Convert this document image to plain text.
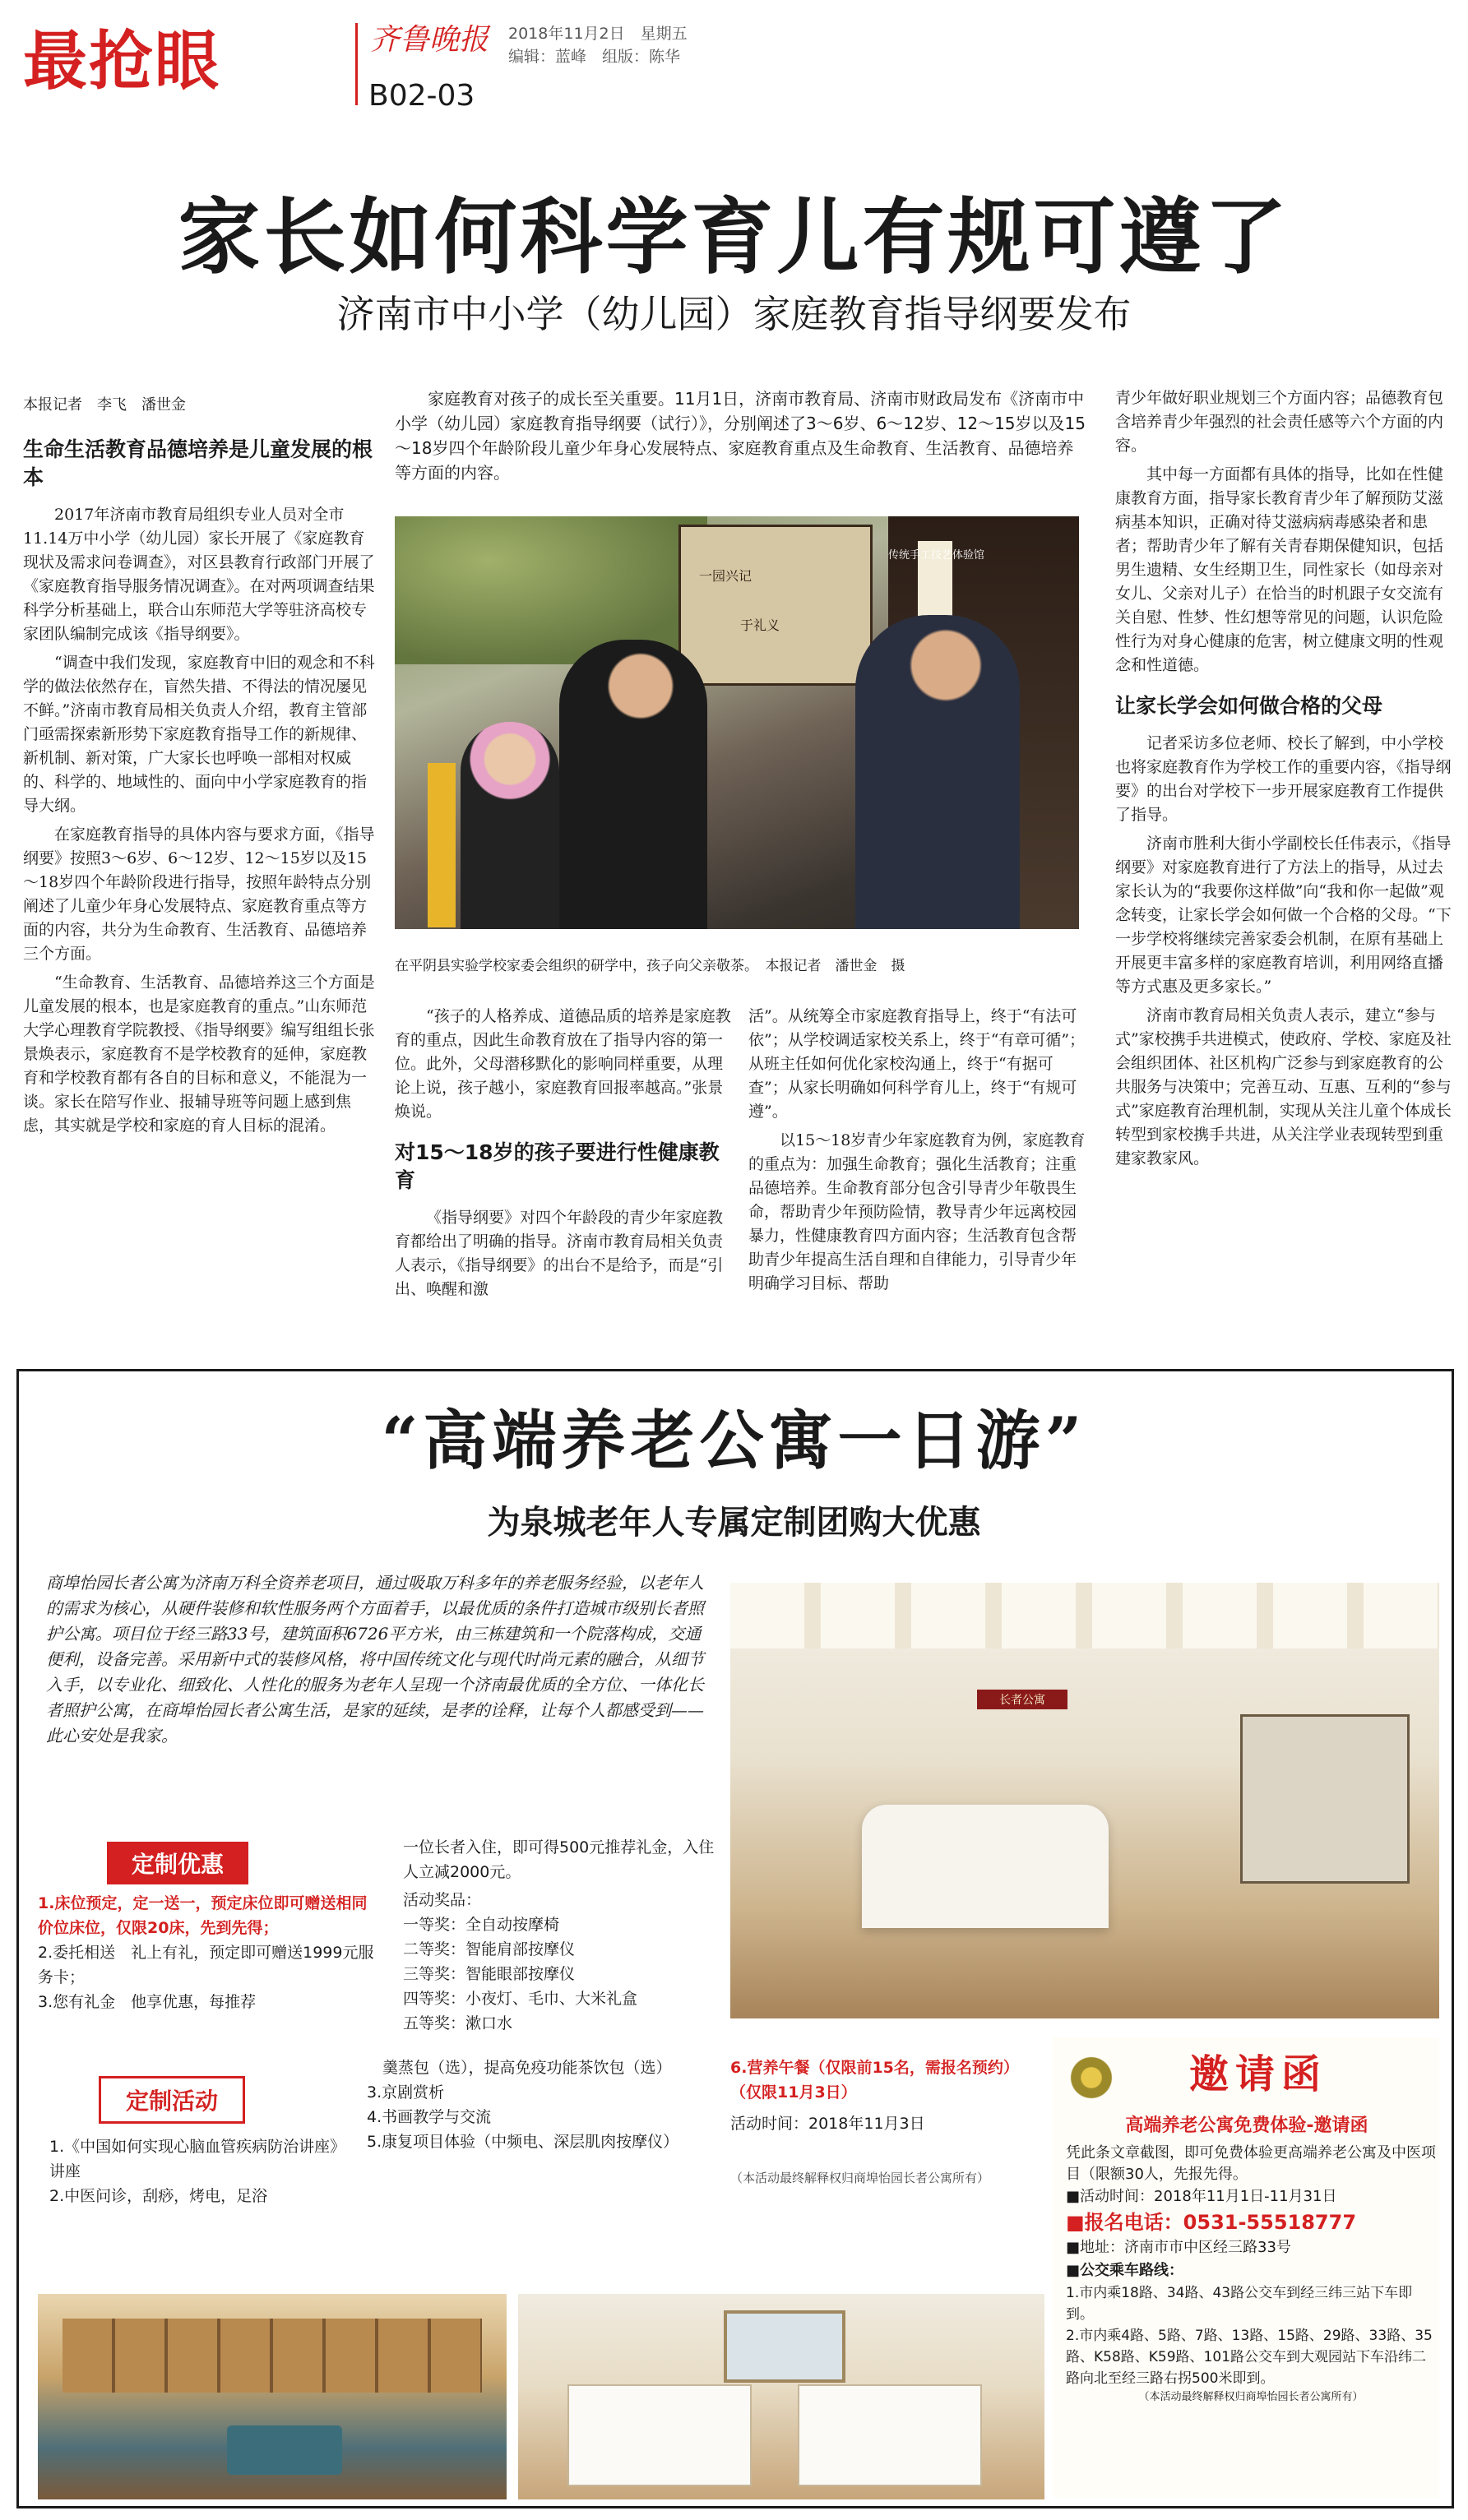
最抢眼	齐鲁晚报 2018年11月2日　星期五
编辑：蓝峰　组版：陈华
B02-03
家长如何科学育儿有规可遵了
济南市中小学（幼儿园）家庭教育指导纲要发布
本报记者　李飞　潘世金
生命生活教育品德培养是儿童发展的根本

2017年济南市教育局组织专业人员对全市11.14万中小学（幼儿园）家长开展了《家庭教育现状及需求问卷调查》，对区县教育行政部门开展了《家庭教育指导服务情况调查》。在对两项调查结果科学分析基础上，联合山东师范大学等驻济高校专家团队编制完成该《指导纲要》。

“调查中我们发现，家庭教育中旧的观念和不科学的做法依然存在，盲然失措、不得法的情况屡见不鲜。”济南市教育局相关负责人介绍，教育主管部门亟需探索新形势下家庭教育指导工作的新规律、新机制、新对策，广大家长也呼唤一部相对权威的、科学的、地域性的、面向中小学家庭教育的指导大纲。

在家庭教育指导的具体内容与要求方面，《指导纲要》按照3～6岁、6～12岁、12～15岁以及15～18岁四个年龄阶段进行指导，按照年龄特点分别阐述了儿童少年身心发展特点、家庭教育重点等方面的内容，共分为生命教育、生活教育、品德培养三个方面。

“生命教育、生活教育、品德培养这三个方面是儿童发展的根本，也是家庭教育的重点。”山东师范大学心理教育学院教授、《指导纲要》编写组组长张景焕表示，家庭教育不是学校教育的延伸，家庭教育和学校教育都有各自的目标和意义，不能混为一谈。家长在陪写作业、报辅导班等问题上感到焦虑，其实就是学校和家庭的育人目标的混淆。

家庭教育对孩子的成长至关重要。11月1日，济南市教育局、济南市财政局发布《济南市中小学（幼儿园）家庭教育指导纲要（试行）》，分别阐述了3～6岁、6～12岁、12～15岁以及15～18岁四个年龄阶段儿童少年身心发展特点、家庭教育重点及生命教育、生活教育、品德培养等方面的内容。

一园兴记
于礼义
传统手工技艺体验馆
在平阴县实验学校家委会组织的研学中，孩子向父亲敬茶。　本报记者　潘世金　摄

“孩子的人格养成、道德品质的培养是家庭教育的重点，因此生命教育放在了指导内容的第一位。此外，父母潜移默化的影响同样重要，从理论上说，孩子越小，家庭教育回报率越高。”张景焕说。

对15～18岁的孩子要进行性健康教育

《指导纲要》对四个年龄段的青少年家庭教育都给出了明确的指导。济南市教育局相关负责人表示，《指导纲要》的出台不是给予，而是“引出、唤醒和激

活”。从统筹全市家庭教育指导上，终于“有法可依”；从学校调适家校关系上，终于“有章可循”；从班主任如何优化家校沟通上，终于“有据可查”；从家长明确如何科学育儿上，终于“有规可遵”。

以15～18岁青少年家庭教育为例，家庭教育的重点为：加强生命教育；强化生活教育；注重品德培养。生命教育部分包含引导青少年敬畏生命，帮助青少年预防险情，教导青少年远离校园暴力，性健康教育四方面内容；生活教育包含帮助青少年提高生活自理和自律能力，引导青少年明确学习目标、帮助

青少年做好职业规划三个方面内容；品德教育包含培养青少年强烈的社会责任感等六个方面的内容。

其中每一方面都有具体的指导，比如在性健康教育方面，指导家长教育青少年了解预防艾滋病基本知识，正确对待艾滋病病毒感染者和患者；帮助青少年了解有关青春期保健知识，包括男生遗精、女生经期卫生，同性家长（如母亲对女儿、父亲对儿子）在恰当的时机跟子女交流有关自慰、性梦、性幻想等常见的问题，认识危险性行为对身心健康的危害，树立健康文明的性观念和性道德。

让家长学会如何做合格的父母

记者采访多位老师、校长了解到，中小学校也将家庭教育作为学校工作的重要内容，《指导纲要》的出台对学校下一步开展家庭教育工作提供了指导。

济南市胜利大街小学副校长任伟表示，《指导纲要》对家庭教育进行了方法上的指导，从过去家长认为的“我要你这样做”向“我和你一起做”观念转变，让家长学会如何做一个合格的父母。“下一步学校将继续完善家委会机制，在原有基础上开展更丰富多样的家庭教育培训，利用网络直播等方式惠及更多家长。”

济南市教育局相关负责人表示，建立“参与式”家校携手共进模式，使政府、学校、家庭及社会组织团体、社区机构广泛参与到家庭教育的公共服务与决策中；完善互动、互惠、互利的“参与式”家庭教育治理机制，实现从关注儿童个体成长转型到家校携手共进，从关注学业表现转型到重建家教家风。

“高端养老公寓一日游”
为泉城老年人专属定制团购大优惠
商埠怡园长者公寓为济南万科全资养老项目，通过吸取万科多年的养老服务经验，以老年人的需求为核心，从硬件装修和软性服务两个方面着手，以最优质的条件打造城市级别长者照护公寓。项目位于经三路33号，建筑面积6726平方米，由三栋建筑和一个院落构成，交通便利，设备完善。采用新中式的装修风格，将中国传统文化与现代时尚元素的融合，从细节入手，以专业化、细致化、人性化的服务为老年人呈现一个济南最优质的全方位、一体化长者照护公寓，在商埠怡园长者公寓生活，是家的延续，是孝的诠释，让每个人都感受到——此心安处是我家。
长者公寓
定制优惠
1.床位预定，定一送一，预定床位即可赠送相同价位床位，仅限20床，先到先得；
2.委托相送　礼上有礼，预定即可赠送1999元服务卡；
3.您有礼金　他享优惠，每推荐
一位长者入住，即可得500元推荐礼金，入住人立减2000元。
活动奖品：
一等奖：全自动按摩椅
二等奖：智能肩部按摩仪
三等奖：智能眼部按摩仪
四等奖：小夜灯、毛巾、大米礼盒
五等奖：漱口水
定制活动
1.《中国如何实现心脑血管疾病防治讲座》讲座
2.中医问诊，刮痧，烤电，足浴
　羹蒸包（选），提高免疫功能茶饮包（选）
3.京剧赏析
4.书画教学与交流
5.康复项目体验（中频电、深层肌肉按摩仪）
6.营养午餐（仅限前15名，需报名预约）（仅限11月3日）
活动时间：2018年11月3日
（本活动最终解释权归商埠怡园长者公寓所有）
邀请函
高端养老公寓免费体验-邀请函
凭此条文章截图，即可免费体验更高端养老公寓及中医项目（限额30人，先报先得。
■活动时间：2018年11月1日-11月31日
■报名电话：0531-55518777
■地址：济南市市中区经三路33号
■公交乘车路线：
1.市内乘18路、34路、43路公交车到经三纬三站下车即到。
2.市内乘4路、5路、7路、13路、15路、29路、33路、35路、K58路、K59路、101路公交车到大观园站下车沿纬二路向北至经三路右拐500米即到。
（本活动最终解释权归商埠怡园长者公寓所有）
